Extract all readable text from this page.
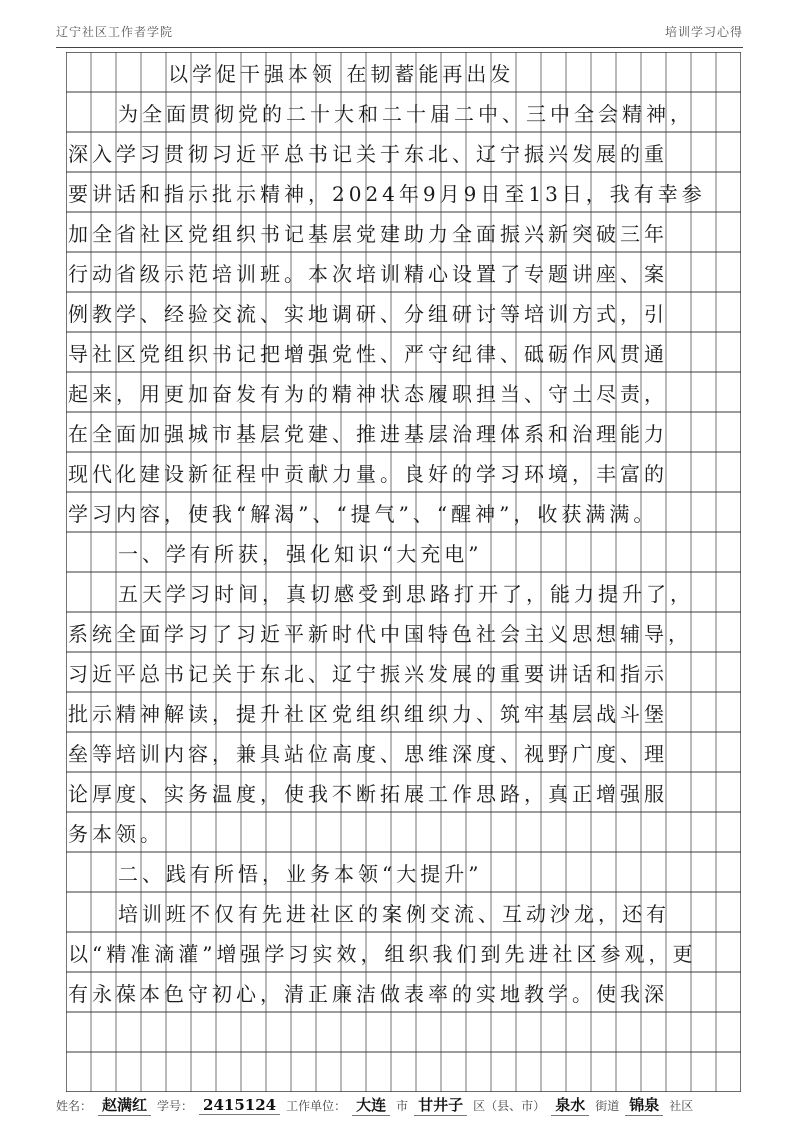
辽宁社区工作者学院	培训学习心得
以学促干强本领 在韧蓄能再出发
为全面贯彻党的二十大和二十届二中、三中全会精神，
深入学习贯彻习近平总书记关于东北、辽宁振兴发展的重
要讲话和指示批示精神，2024年9月9日至13日，我有幸参
加全省社区党组织书记基层党建助力全面振兴新突破三年
行动省级示范培训班。本次培训精心设置了专题讲座、案
例教学、经验交流、实地调研、分组研讨等培训方式，引
导社区党组织书记把增强党性、严守纪律、砥砺作风贯通
起来，用更加奋发有为的精神状态履职担当、守土尽责，
在全面加强城市基层党建、推进基层治理体系和治理能力
现代化建设新征程中贡献力量。良好的学习环境，丰富的
学习内容，使我“解渴”、“提气”、“醒神”，收获满满。
一、学有所获，强化知识“大充电”
五天学习时间，真切感受到思路打开了，能力提升了，
系统全面学习了习近平新时代中国特色社会主义思想辅导，
习近平总书记关于东北、辽宁振兴发展的重要讲话和指示
批示精神解读，提升社区党组织组织力、筑牢基层战斗堡
垒等培训内容，兼具站位高度、思维深度、视野广度、理
论厚度、实务温度，使我不断拓展工作思路，真正增强服
务本领。
二、践有所悟，业务本领“大提升”
培训班不仅有先进社区的案例交流、互动沙龙，还有
以“精准滴灌”增强学习实效，组织我们到先进社区参观，更
有永葆本色守初心，清正廉洁做表率的实地教学。使我深
姓名： 赵满红 学号： 2415124 工作单位： 大连 市 甘井子 区（县、市） 泉水 街道 锦泉 社区
